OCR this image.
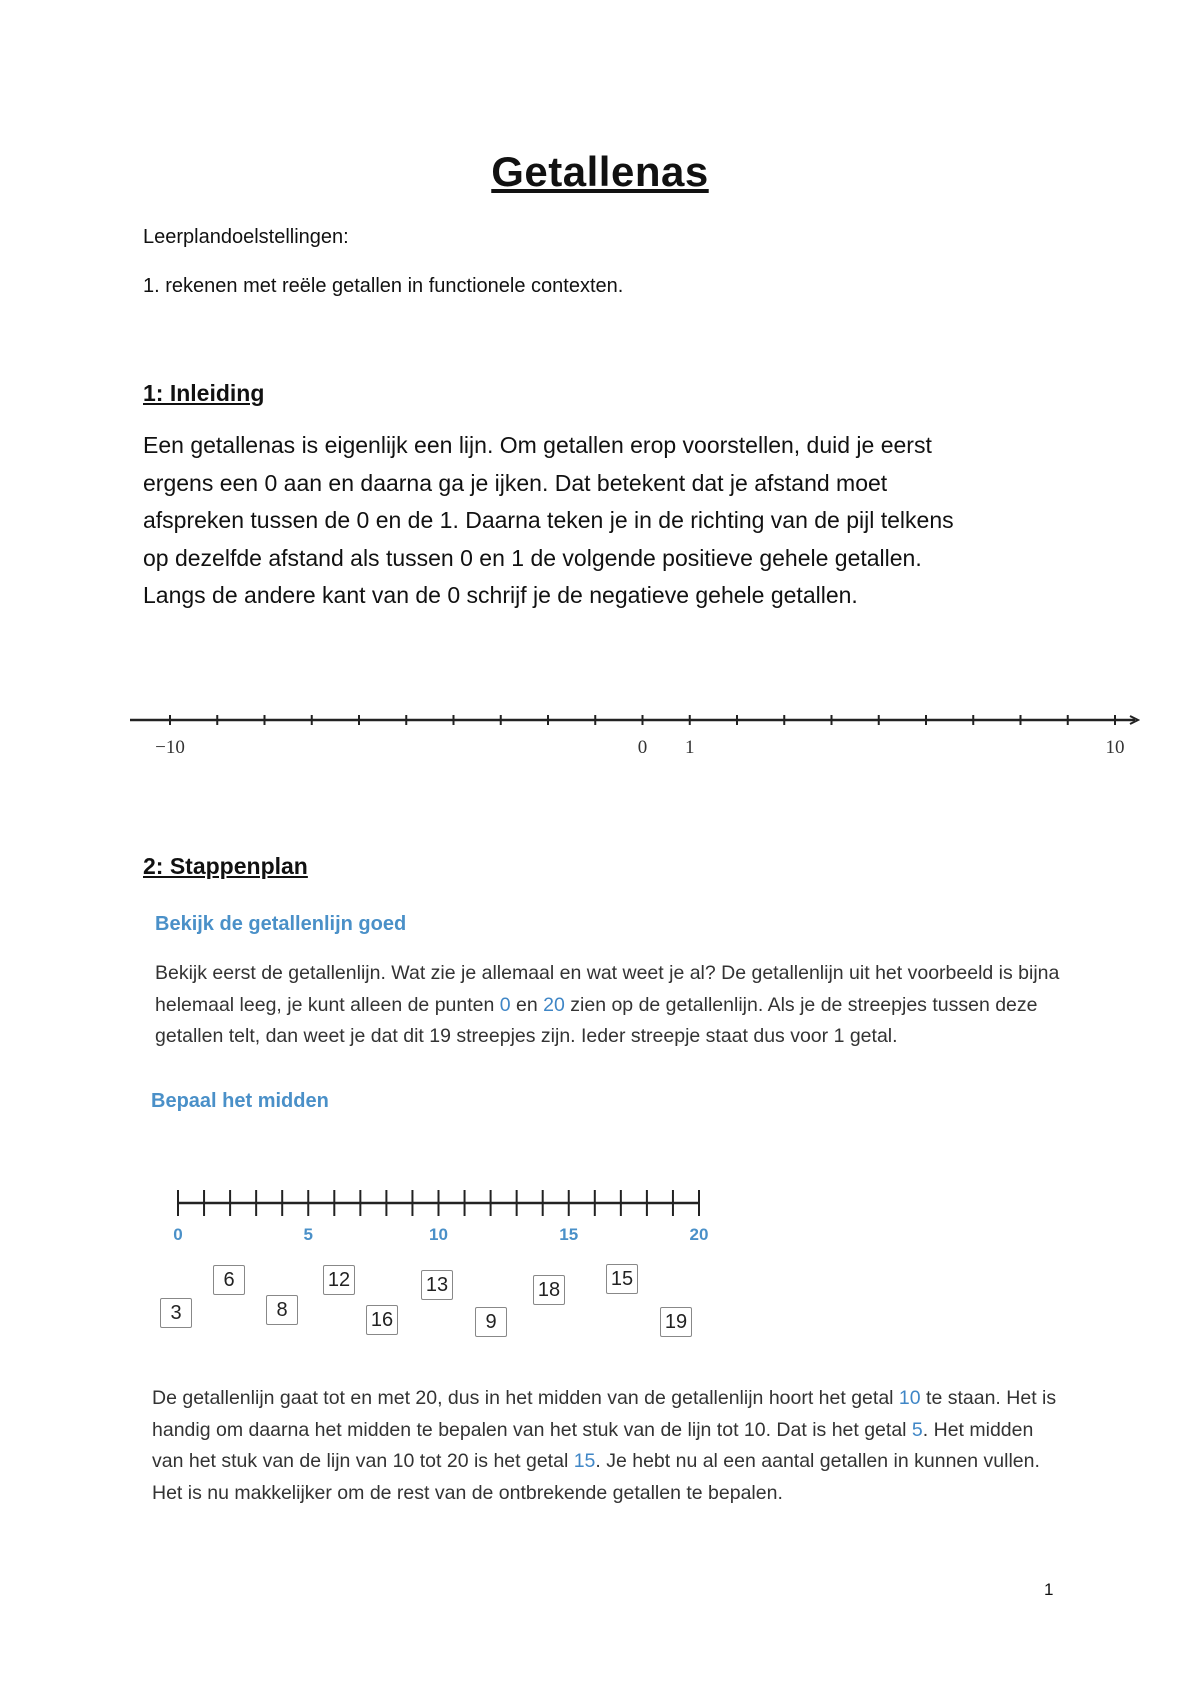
Getallenas
Leerplandoelstellingen:
1. rekenen met reële getallen in functionele contexten.
1: Inleiding
Een getallenas is eigenlijk een lijn. Om getallen erop voorstellen, duid je eerst
ergens een 0 aan en daarna ga je ijken. Dat betekent dat je afstand moet
afspreken tussen de 0 en de 1. Daarna teken je in de richting van de pijl telkens
op dezelfde afstand als tussen 0 en 1 de volgende positieve gehele getallen.
Langs de andere kant van de 0 schrijf je de negatieve gehele getallen.
−10	0 1	10
2: Stappenplan
Bekijk de getallenlijn goed
Bekijk eerst de getallenlijn. Wat zie je allemaal en wat weet je al? De getallenlijn uit het voorbeeld is bijna
helemaal leeg, je kunt alleen de punten 0 en 20 zien op de getallenlijn. Als je de streepjes tussen deze
getallen telt, dan weet je dat dit 19 streepjes zijn. Ieder streepje staat dus voor 1 getal.
Bepaal het midden
0	5	10	15	20
3
6
8
12
16
13
9
18	15
19
De getallenlijn gaat tot en met 20, dus in het midden van de getallenlijn hoort het getal 10 te staan. Het is
handig om daarna het midden te bepalen van het stuk van de lijn tot 10. Dat is het getal 5. Het midden
van het stuk van de lijn van 10 tot 20 is het getal 15. Je hebt nu al een aantal getallen in kunnen vullen.
Het is nu makkelijker om de rest van de ontbrekende getallen te bepalen.
1
